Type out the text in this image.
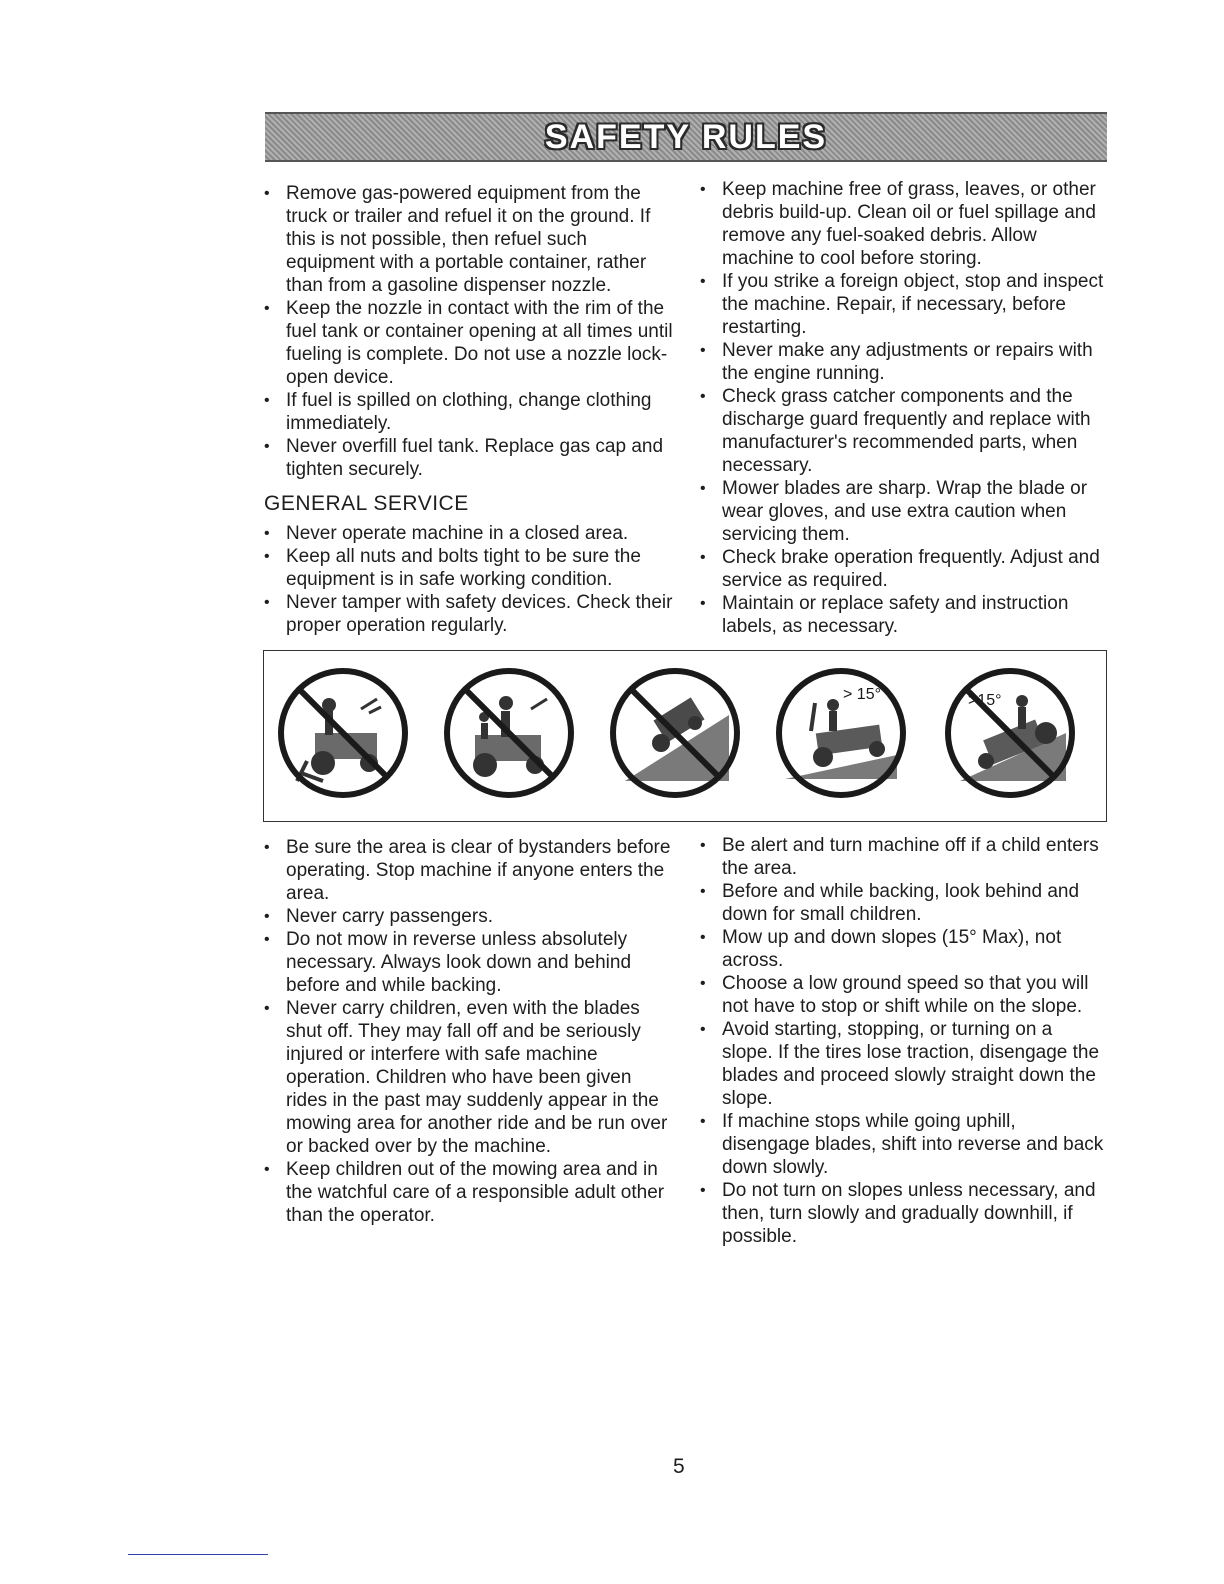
SAFETY RULES
• Remove gas-powered equipment from the truck or trailer and refuel it on the ground. If this is not possible, then refuel such equipment with a portable container, rather than from a gasoline dispenser nozzle.
• Keep the nozzle in contact with the rim of the fuel tank or container opening at all times until fueling is complete. Do not use a nozzle lock-open device.
• If fuel is spilled on clothing, change clothing immediately.
• Never overfill fuel tank. Replace gas cap and tighten securely.
GENERAL SERVICE
• Never operate machine in a closed area.
• Keep all nuts and bolts tight to be sure the equipment is in safe working condition.
• Never tamper with safety devices. Check their proper operation regularly.
• Keep machine free of grass, leaves, or other debris build-up. Clean oil or fuel spillage and remove any fuel-soaked debris. Allow machine to cool before storing.
• If you strike a foreign object, stop and inspect the machine. Repair, if necessary, before restarting.
• Never make any adjustments or repairs with the engine running.
• Check grass catcher components and the discharge guard frequently and replace with manufacturer's recommended parts, when necessary.
• Mower blades are sharp. Wrap the blade or wear gloves, and use extra caution when servicing them.
• Check brake operation frequently. Adjust and service as required.
• Maintain or replace safety and instruction labels, as necessary.
> 15°	>15°
• Be sure the area is clear of bystanders before operating. Stop machine if anyone enters the area.
• Never carry passengers.
• Do not mow in reverse unless absolutely necessary. Always look down and behind before and while backing.
• Never carry children, even with the blades shut off. They may fall off and be seriously injured or interfere with safe machine operation. Children who have been given rides in the past may suddenly appear in the mowing area for another ride and be run over or backed over by the machine.
• Keep children out of the mowing area and in the watchful care of a responsible adult other than the operator.
• Be alert and turn machine off if a child enters the area.
• Before and while backing, look behind and down for small children.
• Mow up and down slopes (15° Max), not across.
• Choose a low ground speed so that you will not have to stop or shift while on the slope.
• Avoid starting, stopping, or turning on a slope. If the tires lose traction, disengage the blades and proceed slowly straight down the slope.
• If machine stops while going uphill, disengage blades, shift into reverse and back down slowly.
• Do not turn on slopes unless necessary, and then, turn slowly and gradually downhill, if possible.
5
